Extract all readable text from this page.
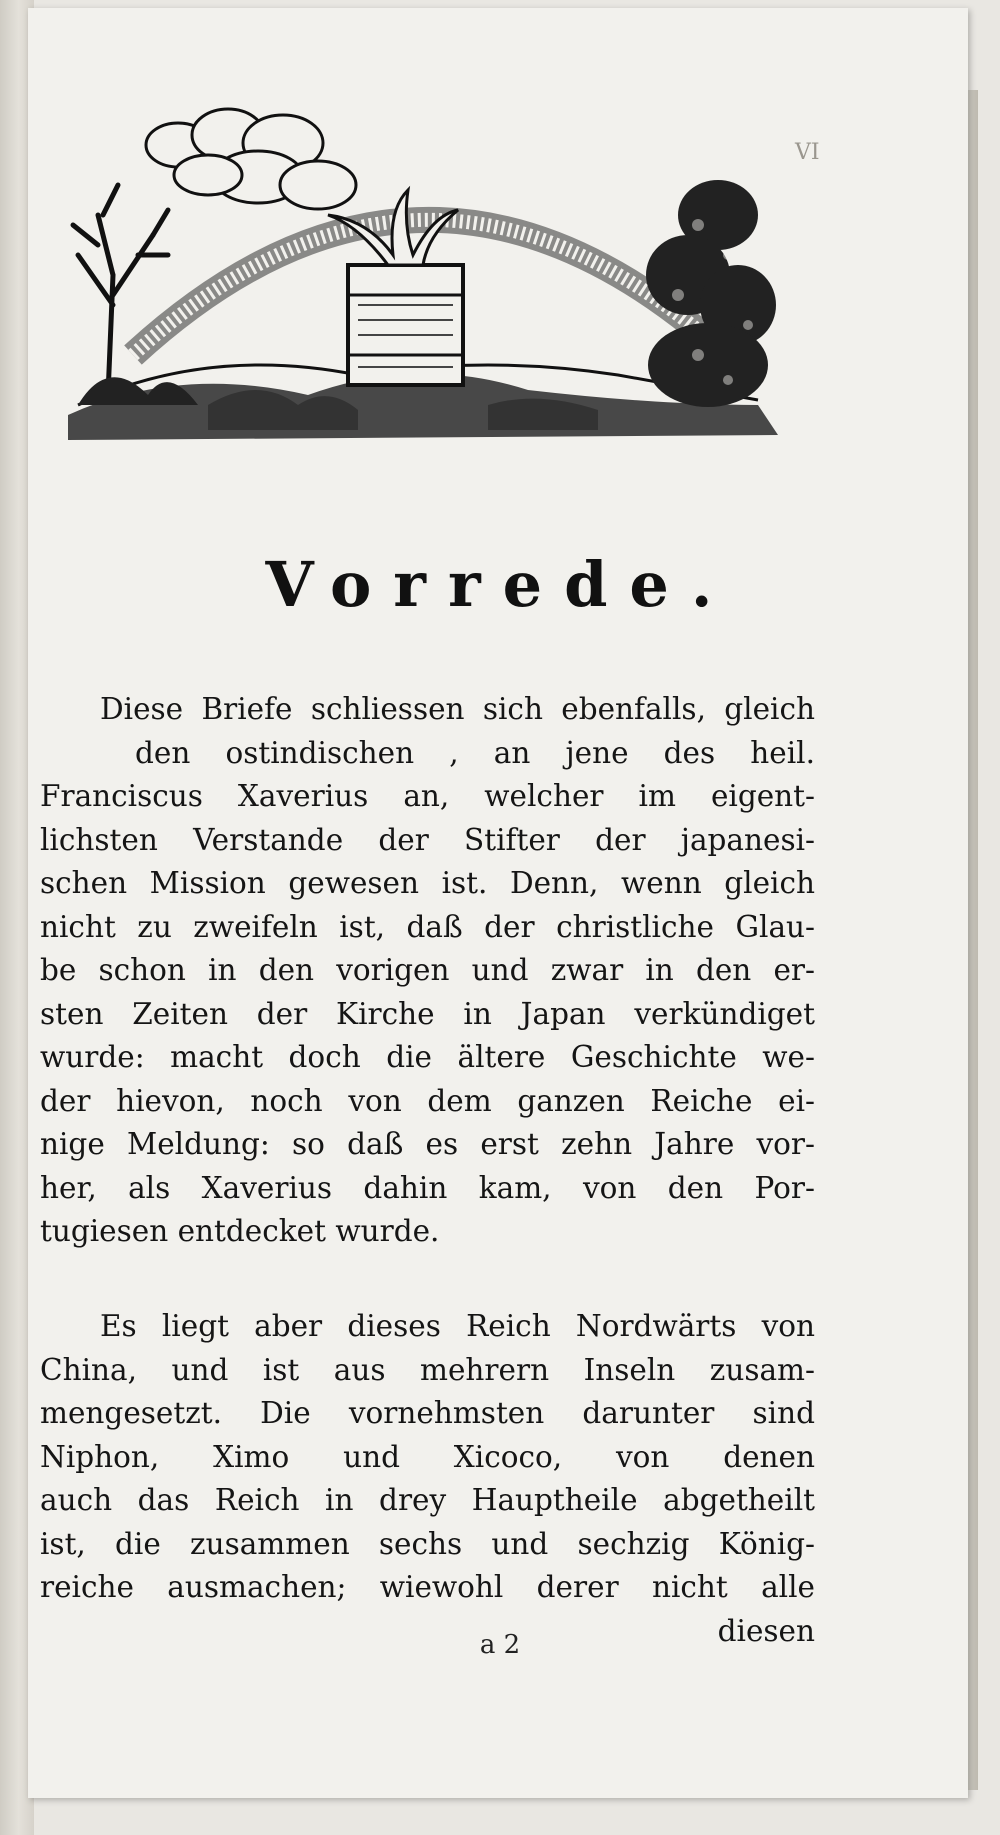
VI
Vorrede.
Diese Briefe schliessen sich ebenfalls, gleich
den ostindischen , an jene des heil.
Franciscus Xaverius an, welcher im eigent-
lichsten Verstande der Stifter der japanesi-
schen Mission gewesen ist. Denn, wenn gleich
nicht zu zweifeln ist, daß der christliche Glau-
be schon in den vorigen und zwar in den er-
sten Zeiten der Kirche in Japan verkündiget
wurde: macht doch die ältere Geschichte we-
der hievon, noch von dem ganzen Reiche ei-
nige Meldung: so daß es erst zehn Jahre vor-
her, als Xaverius dahin kam, von den Por-
tugiesen entdecket wurde.
Es liegt aber dieses Reich Nordwärts von
China, und ist aus mehrern Inseln zusam-
mengesetzt. Die vornehmsten darunter sind
Niphon, Ximo und Xicoco, von denen
auch das Reich in drey Hauptheile abgetheilt
ist, die zusammen sechs und sechzig König-
reiche ausmachen; wiewohl derer nicht alle
diesen
a 2
